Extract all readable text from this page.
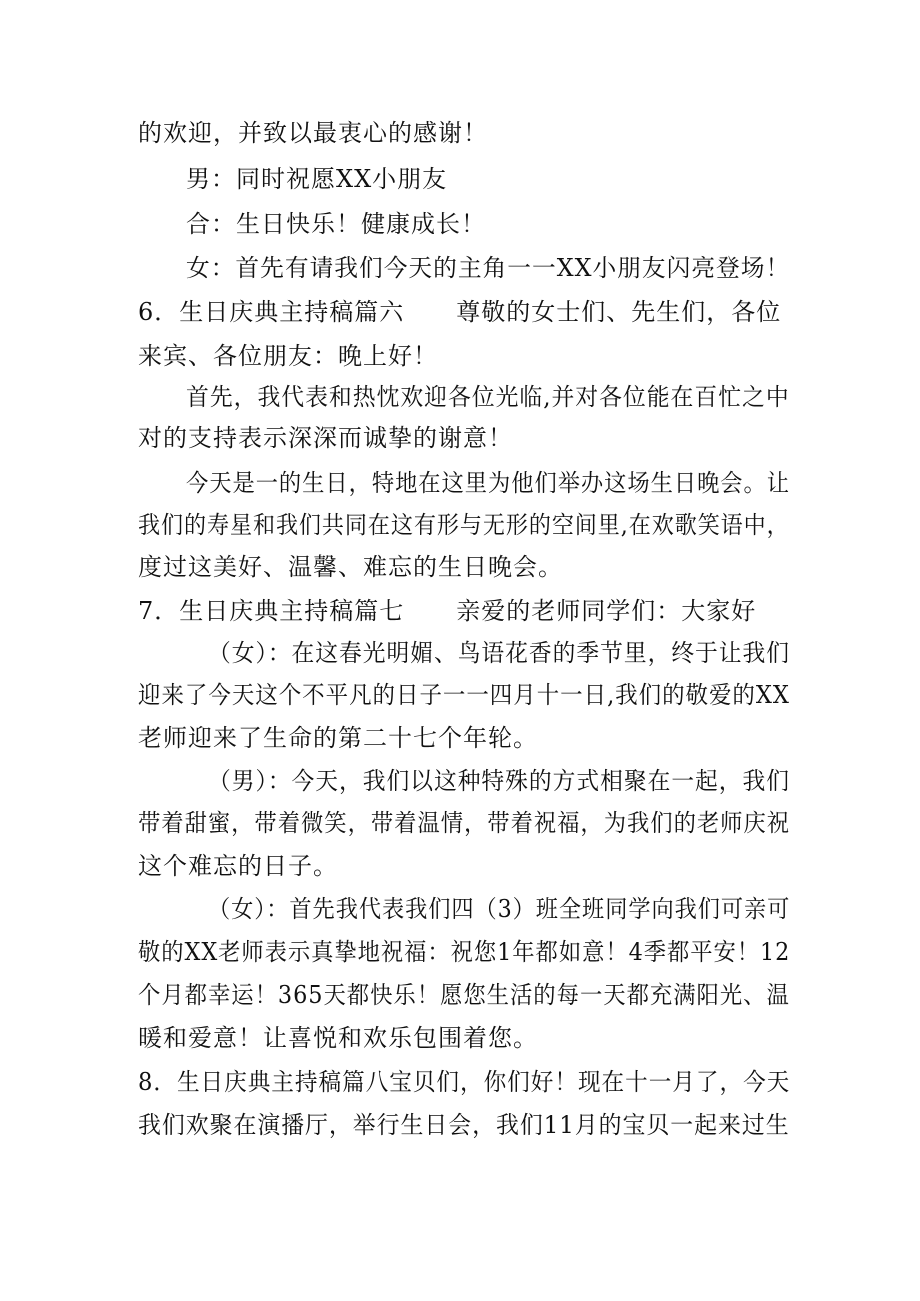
的欢迎，并致以最衷心的感谢！
男：同时祝愿XX小朋友
合：生日快乐！健康成长！
女：首先有请我们今天的主角一一XX小朋友闪亮登场！
6．生日庆典主持稿篇六 尊敬的女士们、先生们，各位
来宾、各位朋友：晚上好！
首先，我代表和热忱欢迎各位光临,并对各位能在百忙之中
对的支持表示深深而诚挚的谢意！
今天是一的生日，特地在这里为他们举办这场生日晚会。让
我们的寿星和我们共同在这有形与无形的空间里,在欢歌笑语中，
度过这美好、温馨、难忘的生日晚会。
7．生日庆典主持稿篇七 亲爱的老师同学们：大家好
（女）：在这春光明媚、鸟语花香的季节里，终于让我们
迎来了今天这个不平凡的日子一一四月十一日,我们的敬爱的XX
老师迎来了生命的第二十七个年轮。
（男）：今天，我们以这种特殊的方式相聚在一起，我们
带着甜蜜，带着微笑，带着温情，带着祝福，为我们的老师庆祝
这个难忘的日子。
（女）：首先我代表我们四（3）班全班同学向我们可亲可
敬的XX老师表示真挚地祝福：祝您1年都如意！4季都平安！12
个月都幸运！365天都快乐！愿您生活的每一天都充满阳光、温
暖和爱意！让喜悦和欢乐包围着您。
8．生日庆典主持稿篇八宝贝们，你们好！现在十一月了，今天
我们欢聚在演播厅，举行生日会，我们11月的宝贝一起来过生
